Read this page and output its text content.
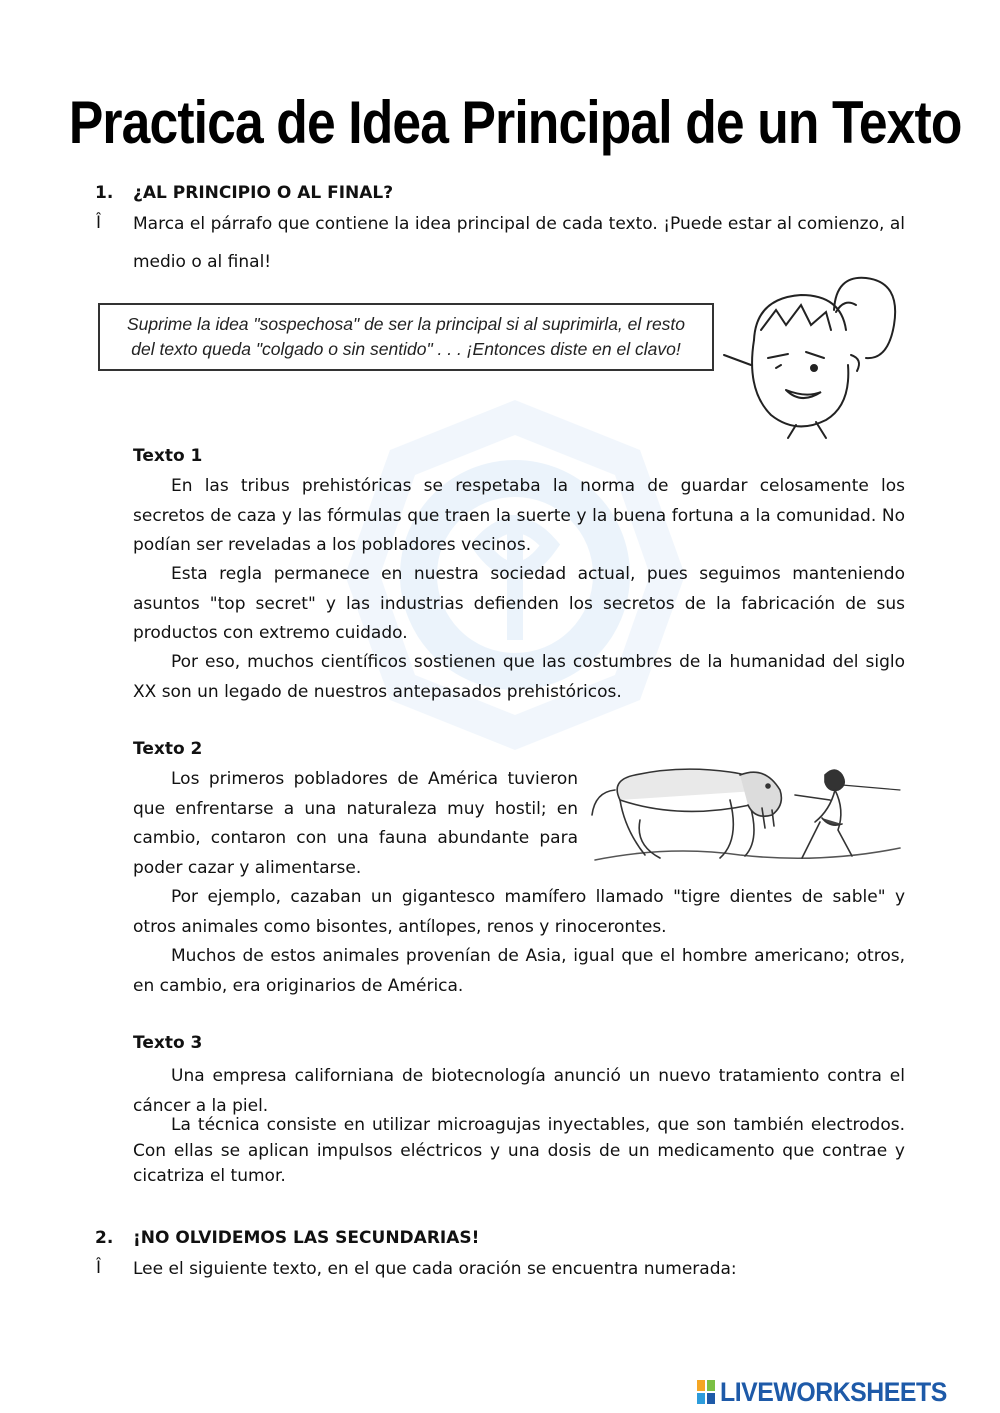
Practica de Idea Principal de un Texto
1. ¿AL PRINCIPIO O AL FINAL?
Î Marca el párrafo que contiene la idea principal de cada texto. ¡Puede estar al comienzo, al medio o al final!
Suprime la idea "sospechosa" de ser la principal si al suprimirla, el resto
del texto queda "colgado o sin sentido" . . . ¡Entonces diste en el clavo!
Texto 1
En las tribus prehistóricas se respetaba la norma de guardar celosamente los secretos de caza y las fórmulas que traen la suerte y la buena fortuna a la comunidad. No podían ser reveladas a los pobladores vecinos.
Esta regla permanece en nuestra sociedad actual, pues seguimos manteniendo asuntos "top secret" y las industrias defienden los secretos de la fabricación de sus productos con extremo cuidado.
Por eso, muchos científicos sostienen que las costumbres de la humanidad del siglo XX son un legado de nuestros antepasados prehistóricos.
Texto 2
Los primeros pobladores de América tuvieron que enfrentarse a una naturaleza muy hostil; en cambio, contaron con una fauna abundante para poder cazar y alimentarse.
Por ejemplo, cazaban un gigantesco mamífero llamado "tigre dientes de sable" y otros animales como bisontes, antílopes, renos y rinocerontes.
Muchos de estos animales provenían de Asia, igual que el hombre americano; otros, en cambio, era originarios de América.
Texto 3
Una empresa californiana de biotecnología anunció un nuevo tratamiento contra el cáncer a la piel.
La técnica consiste en utilizar microagujas inyectables, que son también electrodos. Con ellas se aplican impulsos eléctricos y una dosis de un medicamento que contrae y cicatriza el tumor.
2. ¡NO OLVIDEMOS LAS SECUNDARIAS!
Î Lee el siguiente texto, en el que cada oración se encuentra numerada:
LIVEWORKSHEETS
